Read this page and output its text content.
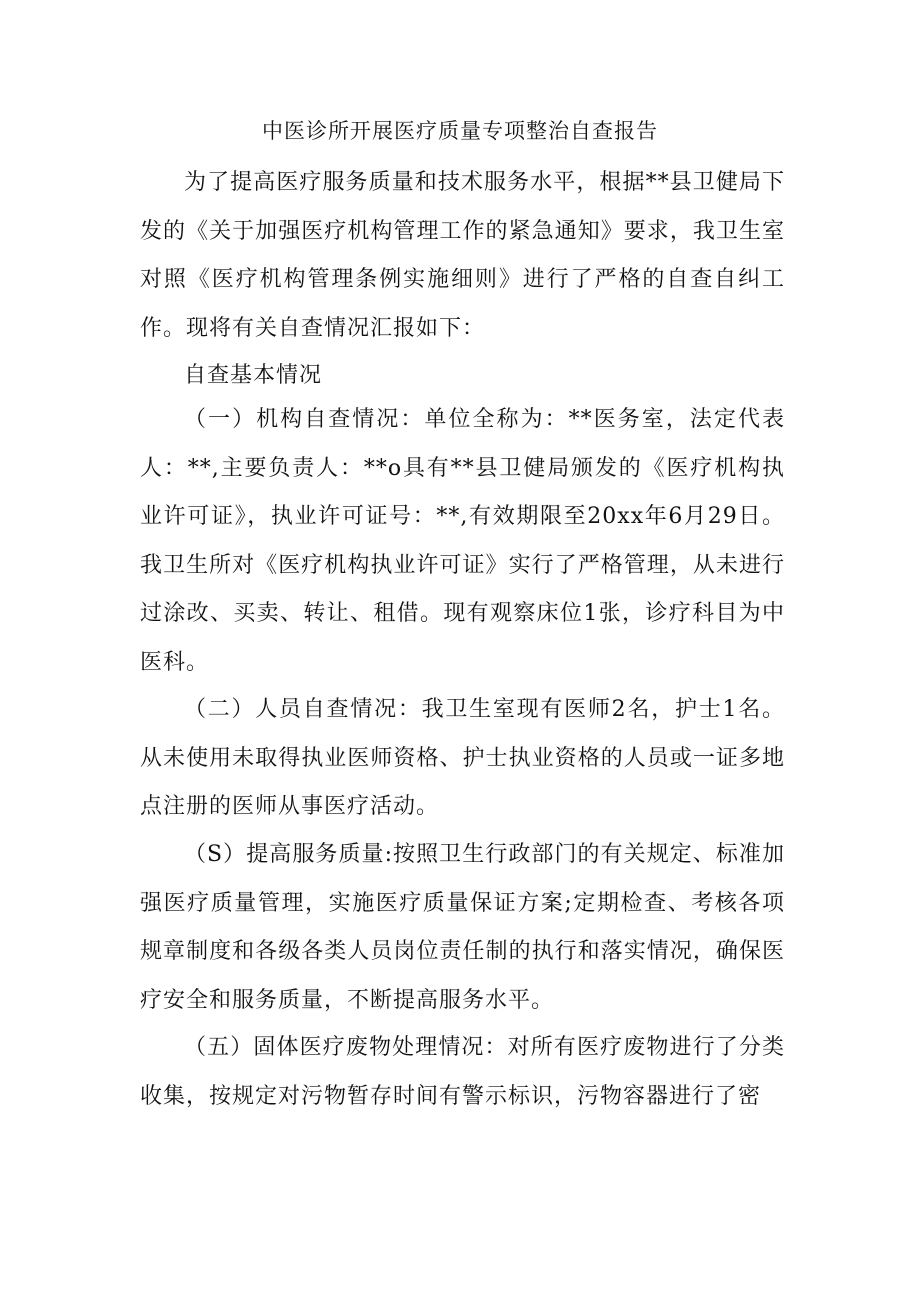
中医诊所开展医疗质量专项整治自查报告

为了提高医疗服务质量和技术服务水平，根据**县卫健局下发的《关于加强医疗机构管理工作的紧急通知》要求，我卫生室对照《医疗机构管理条例实施细则》进行了严格的自查自纠工作。现将有关自查情况汇报如下：

自查基本情况

（一）机构自查情况：单位全称为：**医务室，法定代表人：**,主要负责人：**o具有**县卫健局颁发的《医疗机构执业许可证》，执业许可证号：**,有效期限至20xx年6月29日。我卫生所对《医疗机构执业许可证》实行了严格管理，从未进行过涂改、买卖、转让、租借。现有观察床位1张，诊疗科目为中医科。

（二）人员自查情况：我卫生室现有医师2名，护士1名。从未使用未取得执业医师资格、护士执业资格的人员或一证多地点注册的医师从事医疗活动。

（S）提高服务质量:按照卫生行政部门的有关规定、标准加强医疗质量管理，实施医疗质量保证方案;定期检查、考核各项规章制度和各级各类人员岗位责任制的执行和落实情况，确保医疗安全和服务质量，不断提高服务水平。

（五）固体医疗废物处理情况：对所有医疗废物进行了分类收集，按规定对污物暂存时间有警示标识，污物容器进行了密
